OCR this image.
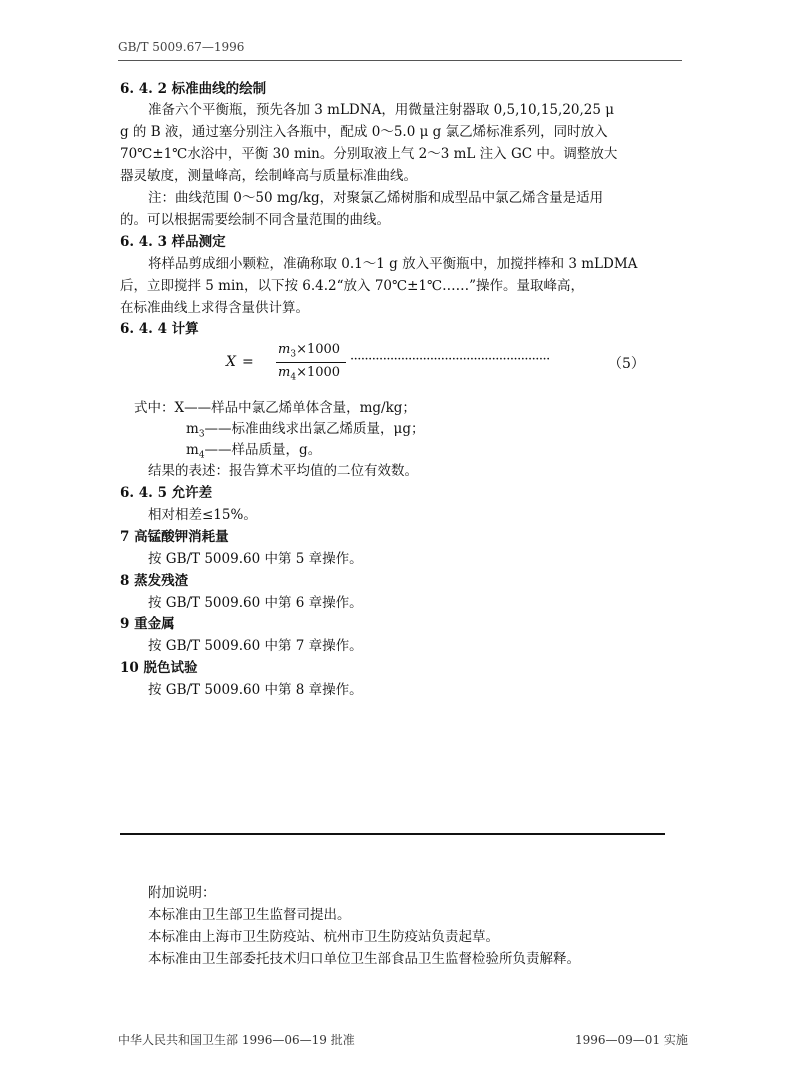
GB/T 5009.67—1996
6. 4. 2 标准曲线的绘制
准备六个平衡瓶，预先各加 3 mLDNA，用微量注射器取 0,5,10,15,20,25 μ
g 的 B 液，通过塞分别注入各瓶中，配成 0～5.0 μ g 氯乙烯标准系列，同时放入
70℃±1℃水浴中，平衡 30 min。分别取液上气 2～3 mL 注入 GC 中。调整放大
器灵敏度，测量峰高，绘制峰高与质量标准曲线。
注：曲线范围 0～50 mg/kg，对聚氯乙烯树脂和成型品中氯乙烯含量是适用
的。可以根据需要绘制不同含量范围的曲线。
6. 4. 3 样品测定
将样品剪成细小颗粒，准确称取 0.1～1 g 放入平衡瓶中，加搅拌棒和 3 mLDMA
后，立即搅拌 5 min，以下按 6.4.2“放入 70℃±1℃……”操作。量取峰高，
在标准曲线上求得含量供计算。
6. 4. 4 计算
X =
$m_3\times 1000$
$m_4\times 1000$
·······················································	（5）
式中：X——样品中氯乙烯单体含量，mg/kg；
$m_3——$标准曲线求出氯乙烯质量，μg；
$m_4——$样品质量，g。
结果的表述：报告算术平均值的二位有效数。
6. 4. 5 允许差
相对相差≤15%。
7 高锰酸钾消耗量
按 GB/T 5009.60 中第 5 章操作。
8 蒸发残渣
按 GB/T 5009.60 中第 6 章操作。
9 重金属
按 GB/T 5009.60 中第 7 章操作。
10 脱色试验
按 GB/T 5009.60 中第 8 章操作。
附加说明：
本标准由卫生部卫生监督司提出。
本标准由上海市卫生防疫站、杭州市卫生防疫站负责起草。
本标准由卫生部委托技术归口单位卫生部食品卫生监督检验所负责解释。
中华人民共和国卫生部 1996—06—19 批准	1996—09—01 实施
